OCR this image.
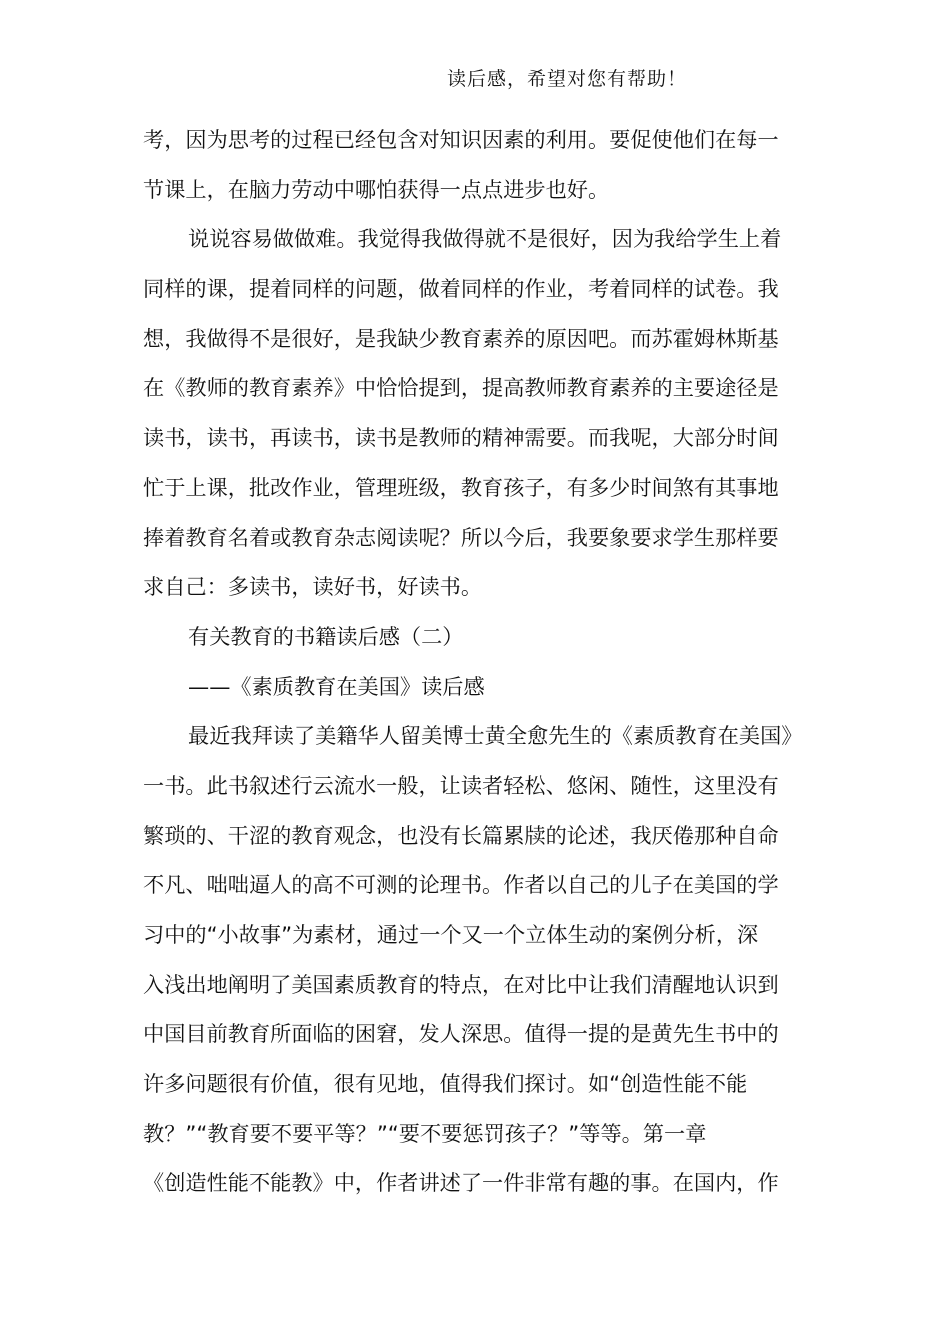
读后感，希望对您有帮助！
考，因为思考的过程已经包含对知识因素的利用。要促使他们在每一
节课上，在脑力劳动中哪怕获得一点点进步也好。
说说容易做做难。我觉得我做得就不是很好，因为我给学生上着
同样的课，提着同样的问题，做着同样的作业，考着同样的试卷。我
想，我做得不是很好，是我缺少教育素养的原因吧。而苏霍姆林斯基
在《教师的教育素养》中恰恰提到，提高教师教育素养的主要途径是
读书，读书，再读书，读书是教师的精神需要。而我呢，大部分时间
忙于上课，批改作业，管理班级，教育孩子，有多少时间煞有其事地
捧着教育名着或教育杂志阅读呢？所以今后，我要象要求学生那样要
求自己：多读书，读好书，好读书。
有关教育的书籍读后感（二）
——《素质教育在美国》读后感
最近我拜读了美籍华人留美博士黄全愈先生的《素质教育在美国》
一书。此书叙述行云流水一般，让读者轻松、悠闲、随性，这里没有
繁琐的、干涩的教育观念，也没有长篇累牍的论述，我厌倦那种自命
不凡、咄咄逼人的高不可测的论理书。作者以自己的儿子在美国的学
习中的“小故事”为素材，通过一个又一个立体生动的案例分析，深
入浅出地阐明了美国素质教育的特点，在对比中让我们清醒地认识到
中国目前教育所面临的困窘，发人深思。值得一提的是黄先生书中的
许多问题很有价值，很有见地，值得我们探讨。如“创造性能不能
教？”“教育要不要平等？”“要不要惩罚孩子？”等等。第一章
《创造性能不能教》中，作者讲述了一件非常有趣的事。在国内，作
